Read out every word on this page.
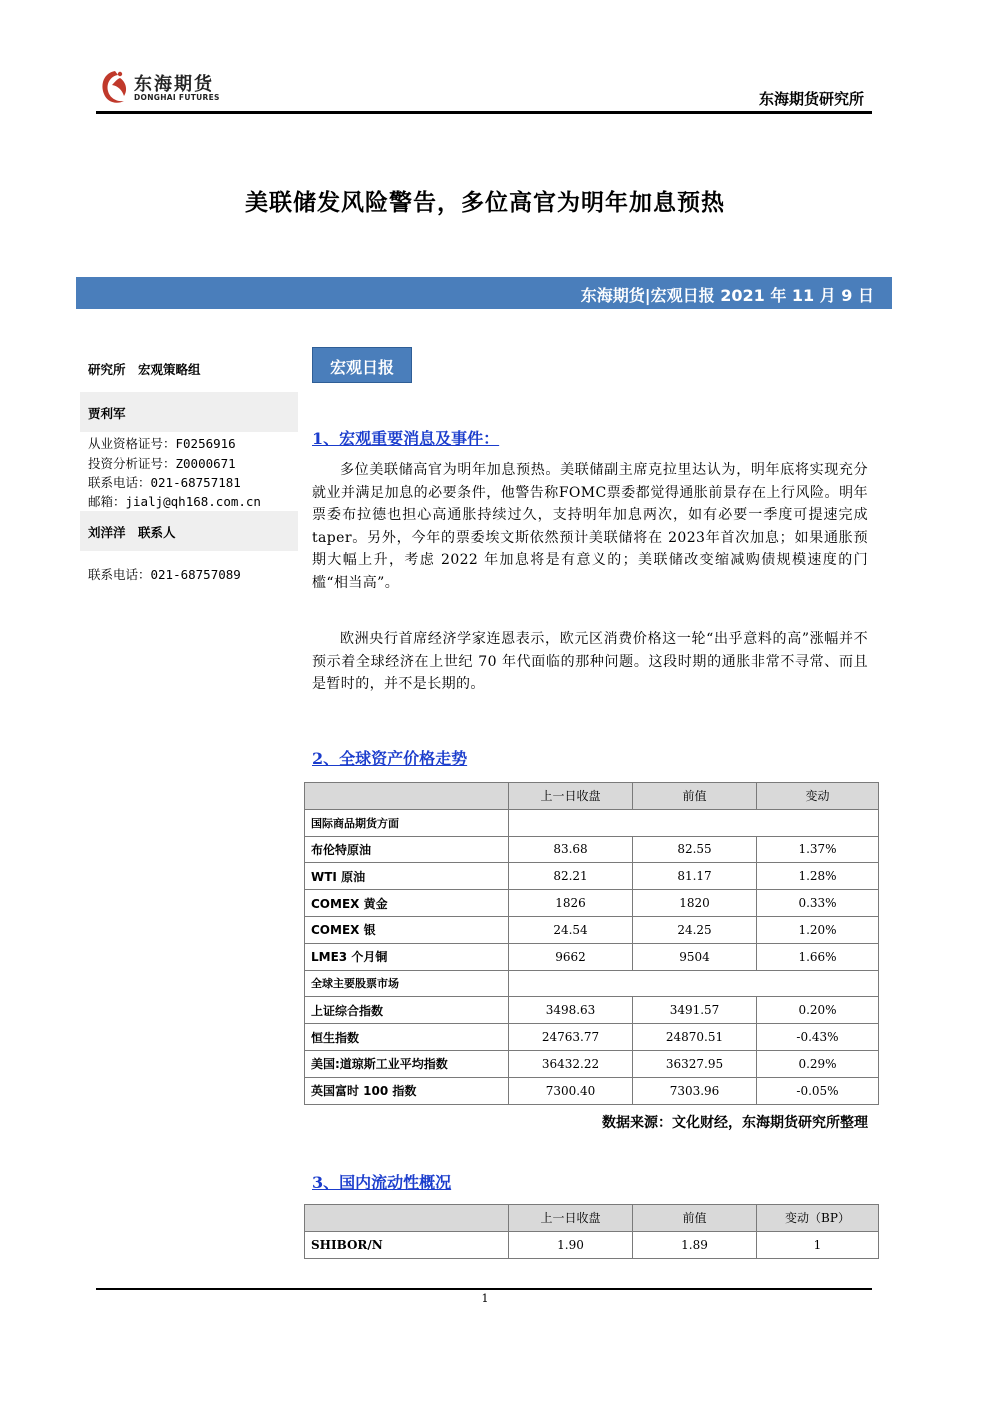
东海期货
DONGHAI FUTURES	东海期货研究所
美联储发风险警告，多位高官为明年加息预热
东海期货|宏观日报 2021 年 11 月 9 日
研究所　宏观策略组
贾利军
从业资格证号：F0256916
投资分析证号：Z0000671
联系电话：021-68757181
邮箱：jialj@qh168.com.cn
刘洋洋　联系人
联系电话：021-68757089
宏观日报
1、宏观重要消息及事件：
多位美联储高官为明年加息预热。美联储副主席克拉里达认为，明年底将实现充分就业并满足加息的必要条件，他警告称FOMC票委都觉得通胀前景存在上行风险。明年票委布拉德也担心高通胀持续过久，支持明年加息两次，如有必要一季度可提速完成 taper。另外，今年的票委埃文斯依然预计美联储将在 2023年首次加息；如果通胀预期大幅上升，考虑 2022 年加息将是有意义的；美联储改变缩减购债规模速度的门槛“相当高”。
欧洲央行首席经济学家连恩表示，欧元区消费价格这一轮“出乎意料的高”涨幅并不预示着全球经济在上世纪 70 年代面临的那种问题。这段时期的通胀非常不寻常、而且是暂时的，并不是长期的。
2、全球资产价格走势
	上一日收盘	前值	变动
国际商品期货方面			
布伦特原油	83.68	82.55	1.37%
WTI 原油	82.21	81.17	1.28%
COMEX 黄金	1826	1820	0.33%
COMEX 银	24.54	24.25	1.20%
LME3 个月铜	9662	9504	1.66%
全球主要股票市场			
上证综合指数	3498.63	3491.57	0.20%
恒生指数	24763.77	24870.51	-0.43%
美国:道琼斯工业平均指数	36432.22	36327.95	0.29%
英国富时 100 指数	7300.40	7303.96	-0.05%
数据来源：文化财经，东海期货研究所整理
3、国内流动性概况
	上一日收盘	前值	变动（BP）
SHIBOR/N	1.90	1.89	1
1
